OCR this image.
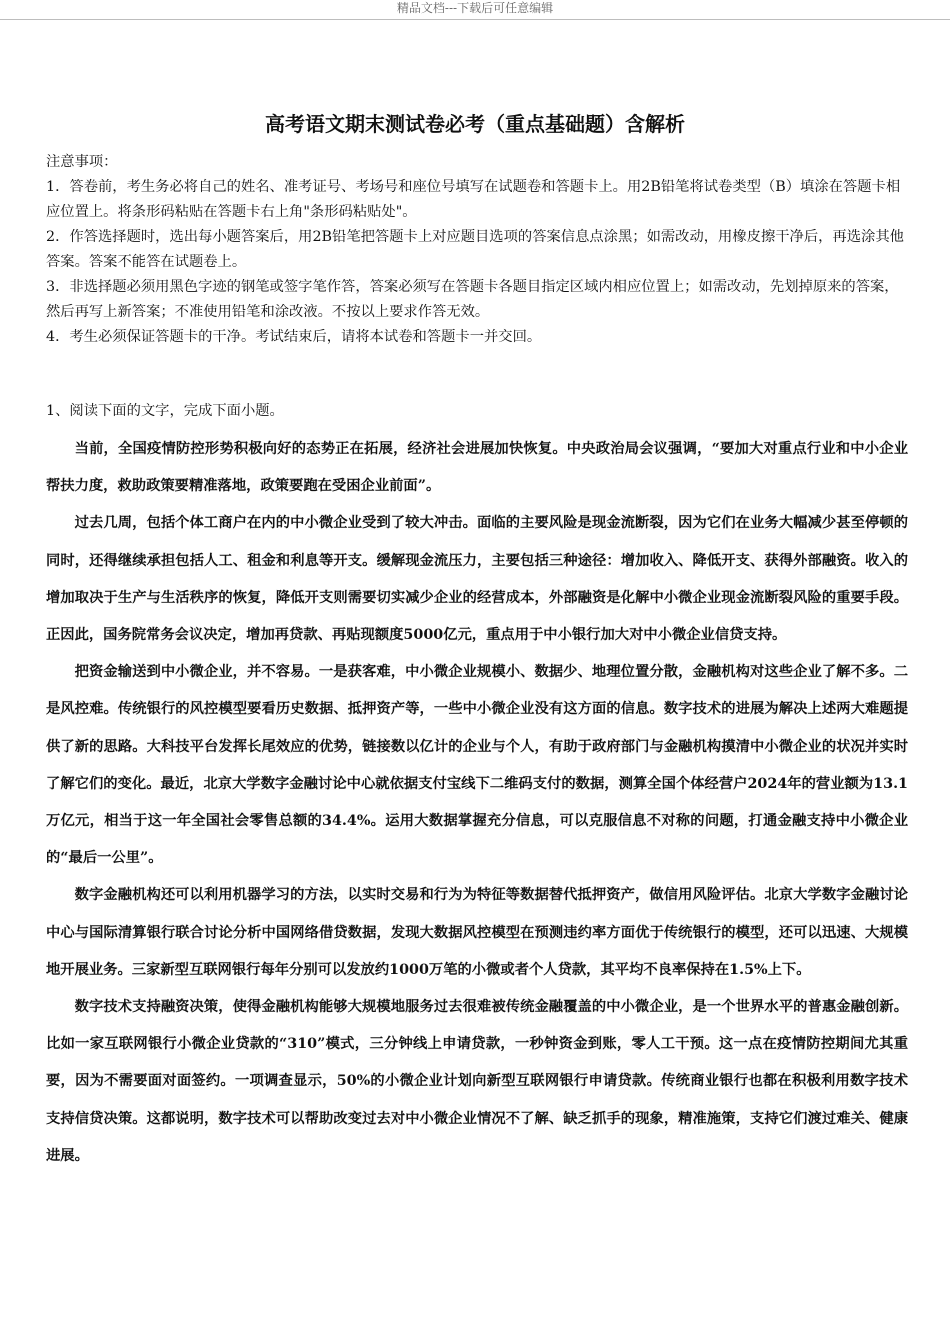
精品文档---下载后可任意编辑
高考语文期末测试卷必考（重点基础题）含解析

注意事项：

1．答卷前，考生务必将自己的姓名、准考证号、考场号和座位号填写在试题卷和答题卡上。用2B铅笔将试卷类型（B）填涂在答题卡相应位置上。将条形码粘贴在答题卡右上角"条形码粘贴处"。

2．作答选择题时，选出每小题答案后，用2B铅笔把答题卡上对应题目选项的答案信息点涂黑；如需改动，用橡皮擦干净后，再选涂其他答案。答案不能答在试题卷上。

3．非选择题必须用黑色字迹的钢笔或签字笔作答，答案必须写在答题卡各题目指定区域内相应位置上；如需改动，先划掉原来的答案，然后再写上新答案；不准使用铅笔和涂改液。不按以上要求作答无效。

4．考生必须保证答题卡的干净。考试结束后，请将本试卷和答题卡一并交回。

1、阅读下面的文字，完成下面小题。

当前，全国疫情防控形势积极向好的态势正在拓展，经济社会进展加快恢复。中央政治局会议强调，“要加大对重点行业和中小企业帮扶力度，救助政策要精准落地，政策要跑在受困企业前面”。

过去几周，包括个体工商户在内的中小微企业受到了较大冲击。面临的主要风险是现金流断裂，因为它们在业务大幅减少甚至停顿的同时，还得继续承担包括人工、租金和利息等开支。缓解现金流压力，主要包括三种途径：增加收入、降低开支、获得外部融资。收入的增加取决于生产与生活秩序的恢复，降低开支则需要切实减少企业的经营成本，外部融资是化解中小微企业现金流断裂风险的重要手段。正因此，国务院常务会议决定，增加再贷款、再贴现额度5000亿元，重点用于中小银行加大对中小微企业信贷支持。

把资金输送到中小微企业，并不容易。一是获客难，中小微企业规模小、数据少、地理位置分散，金融机构对这些企业了解不多。二是风控难。传统银行的风控模型要看历史数据、抵押资产等，一些中小微企业没有这方面的信息。数字技术的进展为解决上述两大难题提供了新的思路。大科技平台发挥长尾效应的优势，链接数以亿计的企业与个人，有助于政府部门与金融机构摸清中小微企业的状况并实时了解它们的变化。最近，北京大学数字金融讨论中心就依据支付宝线下二维码支付的数据，测算全国个体经营户2024年的营业额为13.1万亿元，相当于这一年全国社会零售总额的34.4%。运用大数据掌握充分信息，可以克服信息不对称的问题，打通金融支持中小微企业的“最后一公里”。

数字金融机构还可以利用机器学习的方法，以实时交易和行为为特征等数据替代抵押资产，做信用风险评估。北京大学数字金融讨论中心与国际清算银行联合讨论分析中国网络借贷数据，发现大数据风控模型在预测违约率方面优于传统银行的模型，还可以迅速、大规模地开展业务。三家新型互联网银行每年分别可以发放约1000万笔的小微或者个人贷款，其平均不良率保持在1.5%上下。

数字技术支持融资决策，使得金融机构能够大规模地服务过去很难被传统金融覆盖的中小微企业，是一个世界水平的普惠金融创新。比如一家互联网银行小微企业贷款的“310”模式，三分钟线上申请贷款，一秒钟资金到账，零人工干预。这一点在疫情防控期间尤其重要，因为不需要面对面签约。一项调查显示，50%的小微企业计划向新型互联网银行申请贷款。传统商业银行也都在积极利用数字技术支持信贷决策。这都说明，数字技术可以帮助改变过去对中小微企业情况不了解、缺乏抓手的现象，精准施策，支持它们渡过难关、健康进展。
